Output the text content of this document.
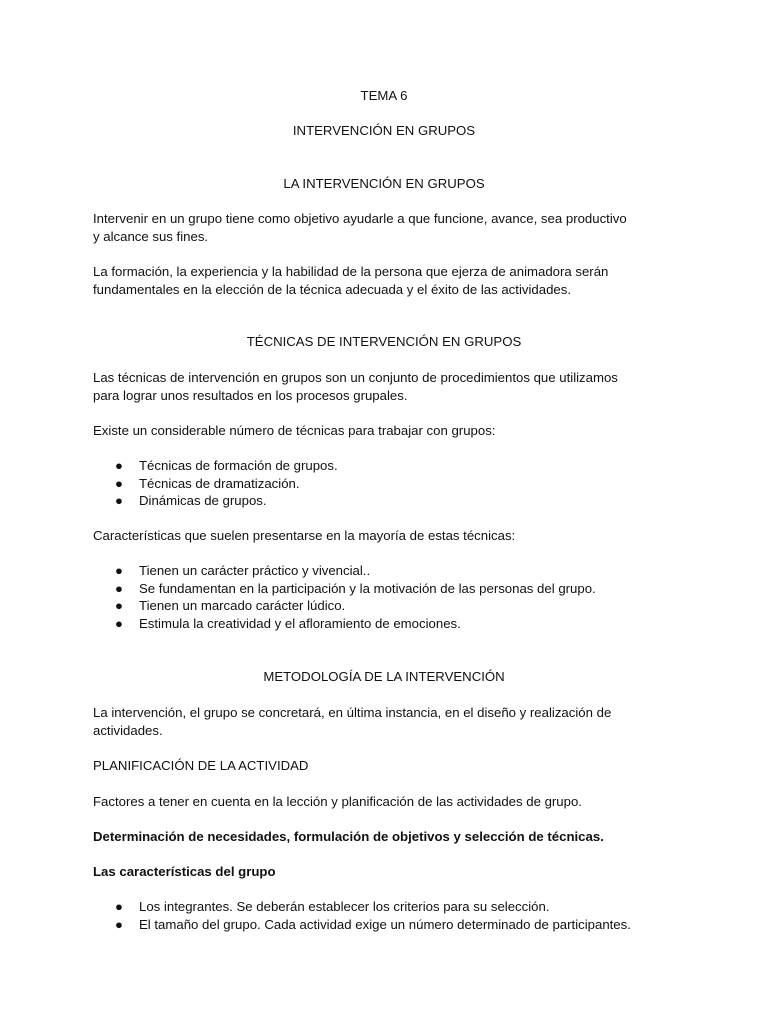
TEMA 6
INTERVENCIÓN EN GRUPOS
LA INTERVENCIÓN EN GRUPOS
Intervenir en un grupo tiene como objetivo ayudarle a que funcione, avance, sea productivo
y alcance sus fines.
La formación, la experiencia y la habilidad de la persona que ejerza de animadora serán
fundamentales en la elección de la técnica adecuada y el éxito de las actividades.
TÉCNICAS DE INTERVENCIÓN EN GRUPOS
Las técnicas de intervención en grupos son un conjunto de procedimientos que utilizamos
para lograr unos resultados en los procesos grupales.
Existe un considerable número de técnicas para trabajar con grupos:
● Técnicas de formación de grupos.
● Técnicas de dramatización.
● Dinámicas de grupos.
Características que suelen presentarse en la mayoría de estas técnicas:
● Tienen un carácter práctico y vivencial..
● Se fundamentan en la participación y la motivación de las personas del grupo.
● Tienen un marcado carácter lúdico.
● Estimula la creatividad y el afloramiento de emociones.
METODOLOGÍA DE LA INTERVENCIÓN
La intervención, el grupo se concretará, en última instancia, en el diseño y realización de
actividades.
PLANIFICACIÓN DE LA ACTIVIDAD
Factores a tener en cuenta en la lección y planificación de las actividades de grupo.
Determinación de necesidades, formulación de objetivos y selección de técnicas.
Las características del grupo
● Los integrantes. Se deberán establecer los criterios para su selección.
● El tamaño del grupo. Cada actividad exige un número determinado de participantes.
